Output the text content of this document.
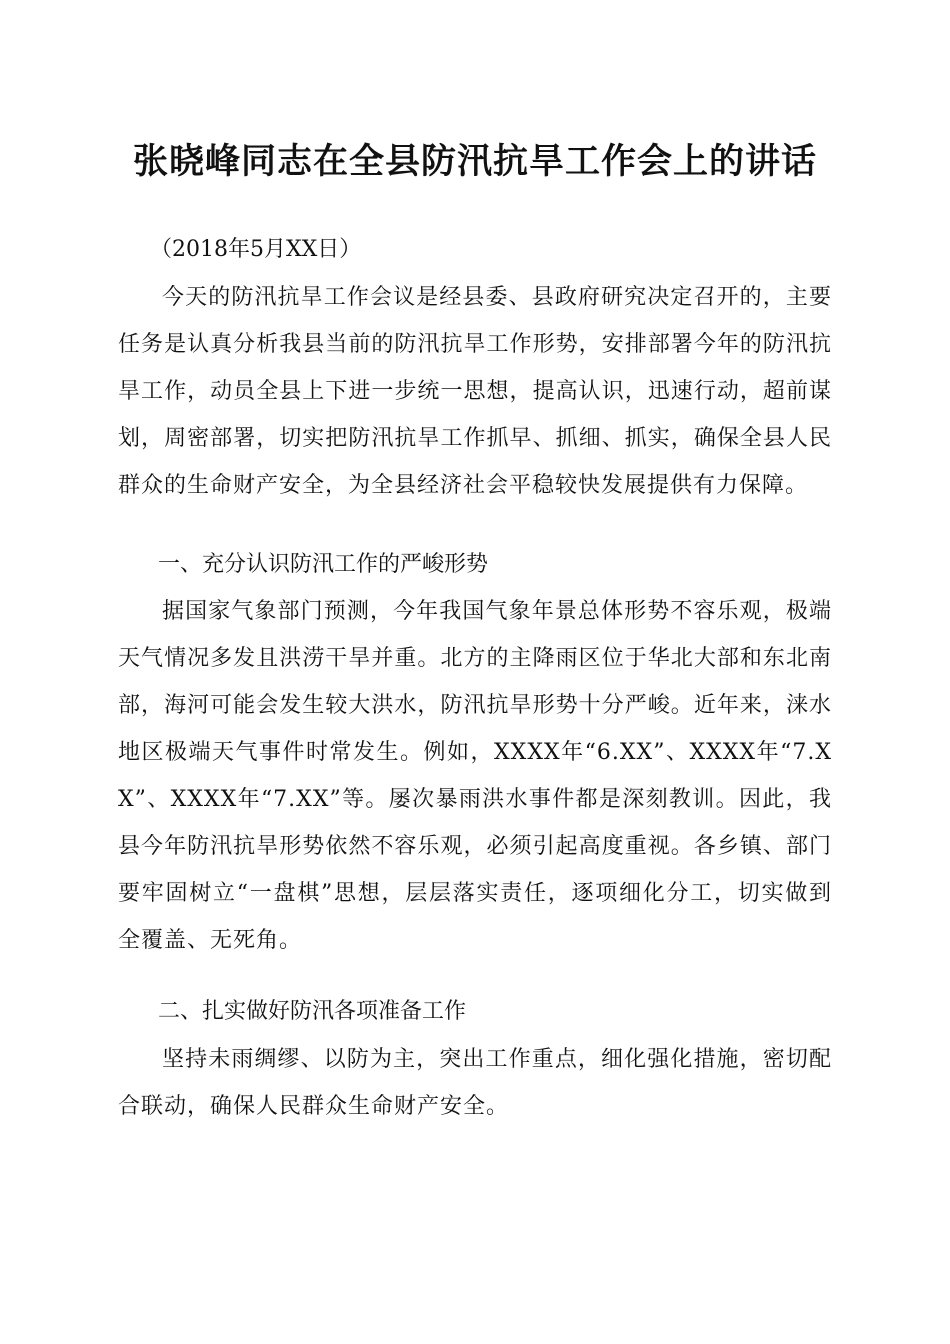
张晓峰同志在全县防汛抗旱工作会上的讲话

（2018年5月XX日）

今天的防汛抗旱工作会议是经县委、县政府研究决定召开的，主要任务是认真分析我县当前的防汛抗旱工作形势，安排部署今年的防汛抗旱工作，动员全县上下进一步统一思想，提高认识，迅速行动，超前谋划，周密部署，切实把防汛抗旱工作抓早、抓细、抓实，确保全县人民群众的生命财产安全，为全县经济社会平稳较快发展提供有力保障。

一、充分认识防汛工作的严峻形势

据国家气象部门预测，今年我国气象年景总体形势不容乐观，极端天气情况多发且洪涝干旱并重。北方的主降雨区位于华北大部和东北南部，海河可能会发生较大洪水，防汛抗旱形势十分严峻。近年来，涞水地区极端天气事件时常发生。例如，XXXX年“6.XX”、XXXX年“7.XX”、XXXX年“7.XX”等。屡次暴雨洪水事件都是深刻教训。因此，我县今年防汛抗旱形势依然不容乐观，必须引起高度重视。各乡镇、部门要牢固树立“一盘棋”思想，层层落实责任，逐项细化分工，切实做到全覆盖、无死角。

二、扎实做好防汛各项准备工作

坚持未雨绸缪、以防为主，突出工作重点，细化强化措施，密切配合联动，确保人民群众生命财产安全。
